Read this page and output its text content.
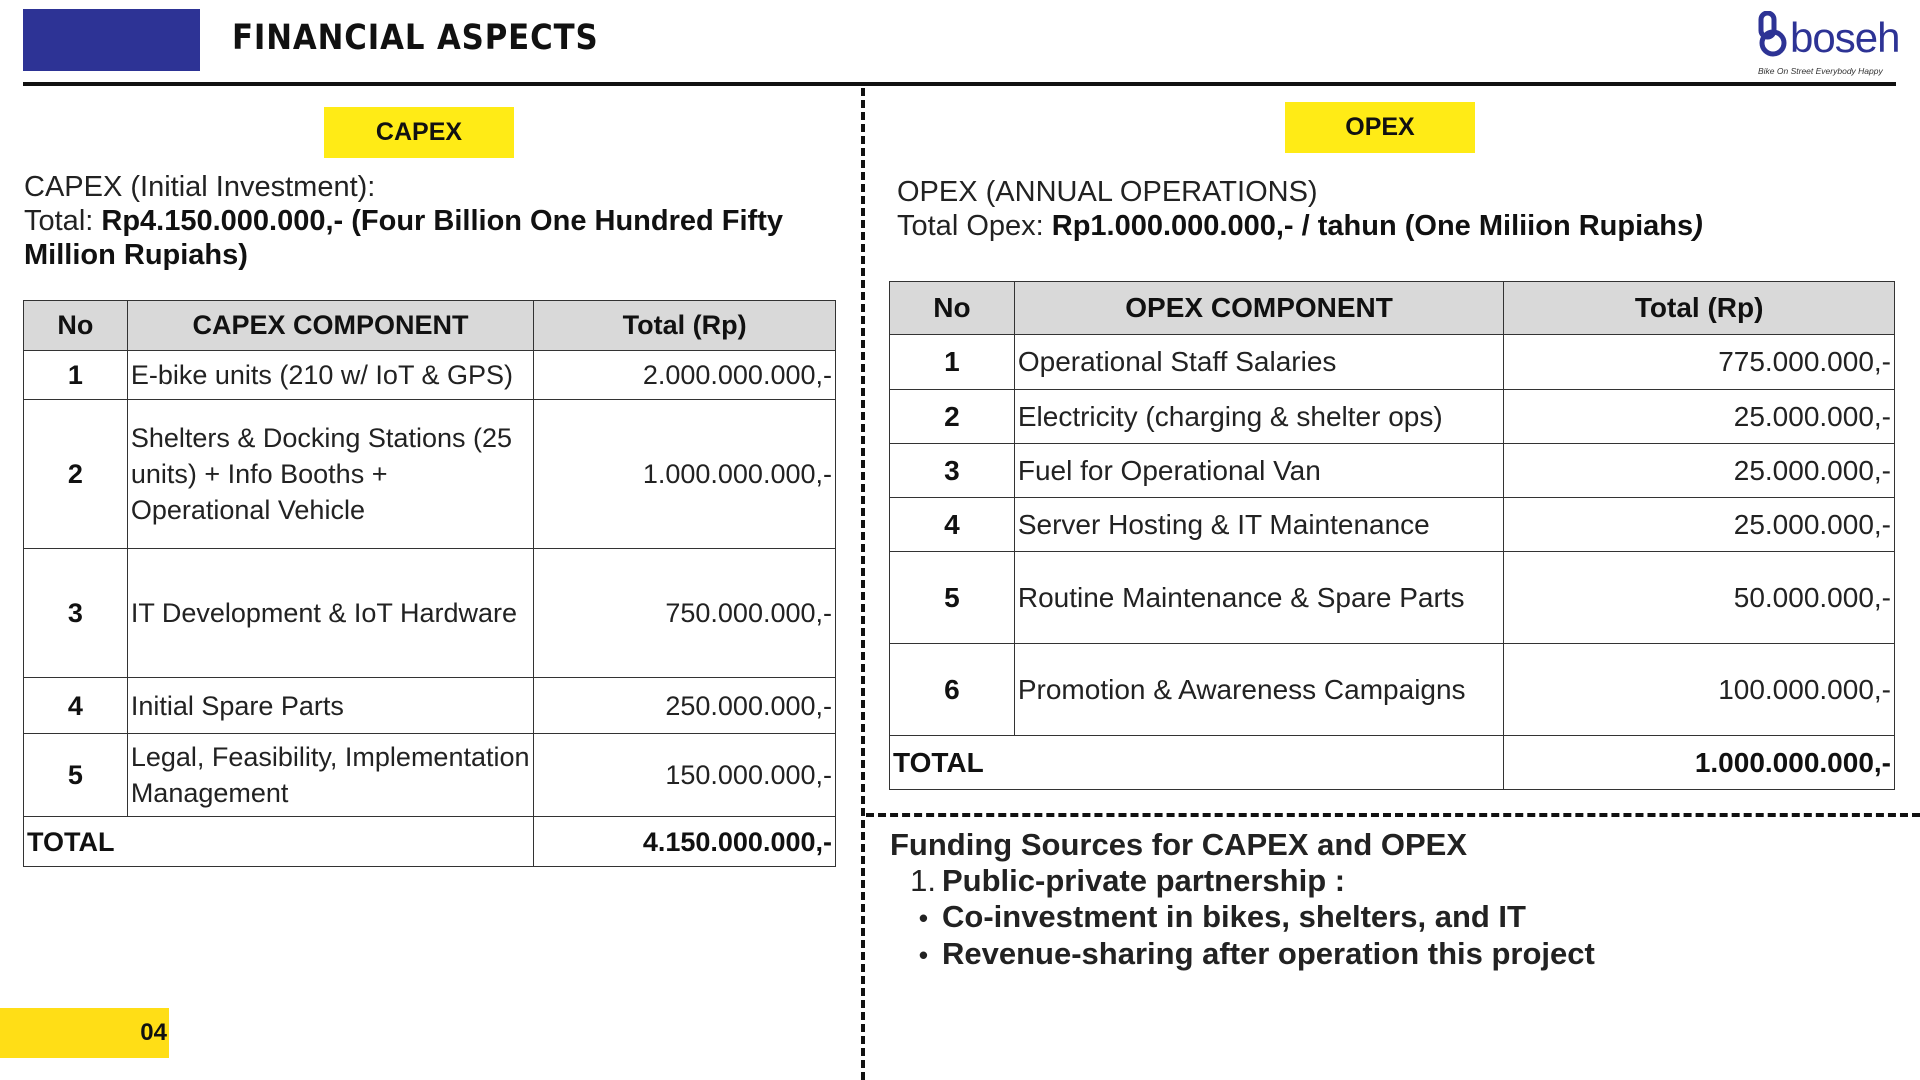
FINANCIAL ASPECTS	boseh
Bike On Street Everybody Happy
CAPEX
CAPEX (Initial Investment):
Total: Rp4.150.000.000,- (Four Billion One Hundred Fifty Million Rupiahs)
No	CAPEX COMPONENT	Total (Rp)
1	E-bike units (210 w/ IoT & GPS)	2.000.000.000,-
2	Shelters & Docking Stations (25 units) + Info Booths + Operational Vehicle	1.000.000.000,-
3	IT Development & IoT Hardware	750.000.000,-
4	Initial Spare Parts	250.000.000,-
5	Legal, Feasibility, Implementation Management	150.000.000,-
TOTAL		4.150.000.000,-
OPEX
OPEX (ANNUAL OPERATIONS)
Total Opex: Rp1.000.000.000,- / tahun (One Miliion Rupiahs)
No	OPEX COMPONENT	Total (Rp)
1	Operational Staff Salaries	775.000.000,-
2	Electricity (charging & shelter ops)	25.000.000,-
3	Fuel for Operational Van	25.000.000,-
4	Server Hosting & IT Maintenance	25.000.000,-
5	Routine Maintenance & Spare Parts	50.000.000,-
6	Promotion & Awareness Campaigns	100.000.000,-
TOTAL		1.000.000.000,-
Funding Sources for CAPEX and OPEX
1. Public-private partnership :
• Co-investment in bikes, shelters, and IT
• Revenue-sharing after operation this project
04
